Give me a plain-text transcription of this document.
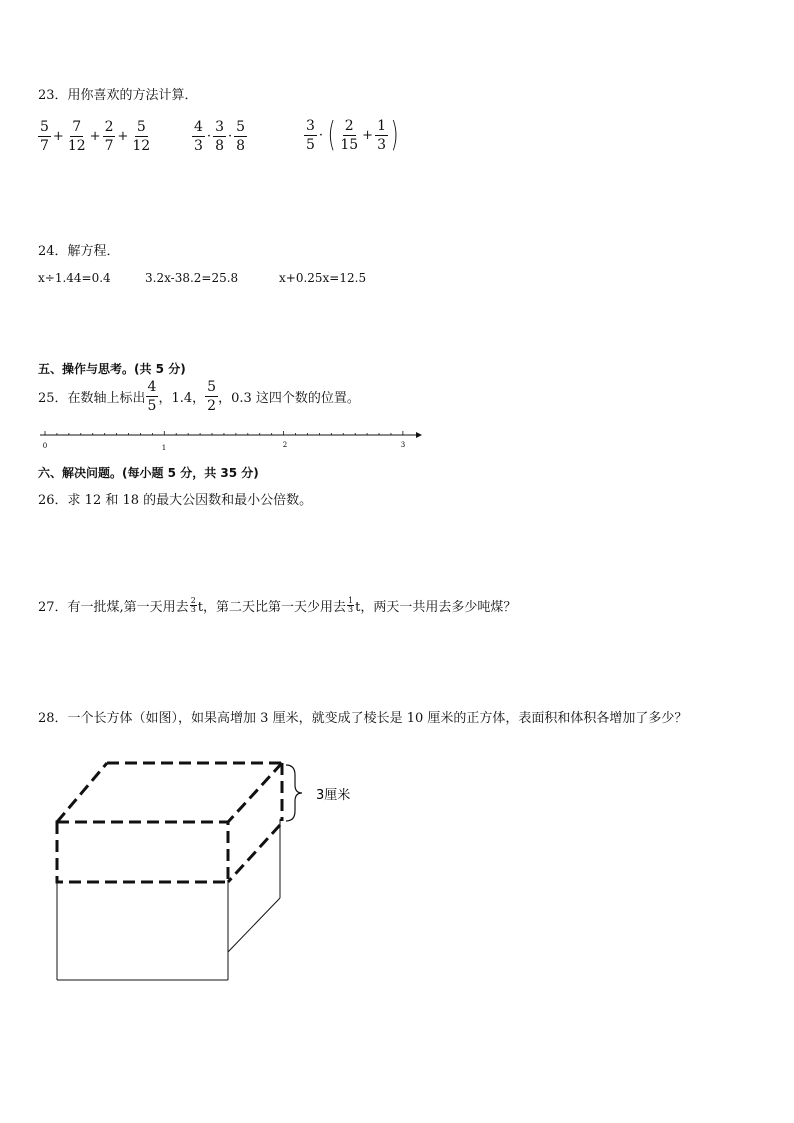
23．用你喜欢的方法计算．
$\frac{5}{7} + \frac{7}{12} + \frac{2}{7} + \frac{5}{12}$	$\frac{4}{3} \cdot \frac{3}{8} \cdot \frac{5}{8}$	$\frac{3}{5}$ · ( $\frac{2}{15} + \frac{1}{3}$ )
24．解方程．
x÷1.44=0.4	3.2x-38.2=25.8	x+0.25x=12.5
五、操作与思考。(共 5 分)
25．在数轴上标出 $\frac{4}{5}$ ，1.4， $\frac{5}{2}$ ，0.3 这四个数的位置。
0	1	2	3
六、解决问题。(每小题 5 分，共 35 分)
26．求 12 和 18 的最大公因数和最小公倍数。
27．有一批煤,第一天用去 2
3 t，第二天比第一天少用去 1
3 t，两天一共用去多少吨煤？
28．一个长方体（如图），如果高增加 3 厘米，就变成了棱长是 10 厘米的正方体，表面积和体积各增加了多少？
3厘米
